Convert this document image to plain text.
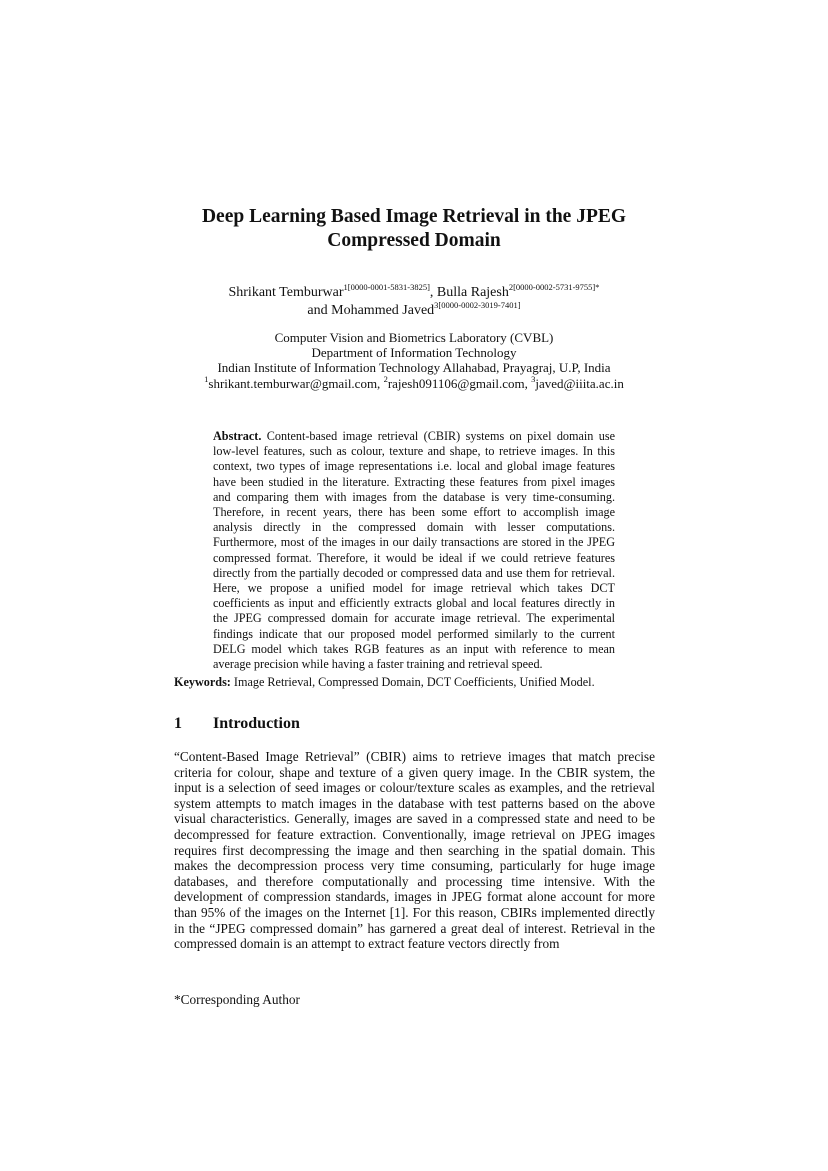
Deep Learning Based Image Retrieval in the JPEG Compressed Domain
Shrikant Temburwar$^{1[0000-0001-5831-3825]}$, Bulla Rajesh$^{2[0000-0002-5731-9755]*}$
and Mohammed Javed$^{3[0000-0002-3019-7401]}$
Computer Vision and Biometrics Laboratory (CVBL)
Department of Information Technology
Indian Institute of Information Technology Allahabad, Prayagraj, U.P, India
$^1$shrikant.temburwar@gmail.com, $^2$rajesh091106@gmail.com, $^3$javed@iiita.ac.in

Abstract. Content-based image retrieval (CBIR) systems on pixel domain use low-level features, such as colour, texture and shape, to retrieve images. In this context, two types of image representations i.e. local and global image features have been studied in the literature. Extracting these features from pixel images and comparing them with images from the database is very time-consuming. Therefore, in recent years, there has been some effort to accomplish image analysis directly in the compressed domain with lesser computations. Furthermore, most of the images in our daily transactions are stored in the JPEG compressed format. Therefore, it would be ideal if we could retrieve features directly from the partially decoded or compressed data and use them for retrieval. Here, we propose a unified model for image retrieval which takes DCT coefficients as input and efficiently extracts global and local features directly in the JPEG compressed domain for accurate image retrieval. The experimental findings indicate that our proposed model performed similarly to the current DELG model which takes RGB features as an input with reference to mean average precision while having a faster training and retrieval speed.

Keywords: Image Retrieval, Compressed Domain, DCT Coefficients, Unified Model.

1 Introduction

“Content-Based Image Retrieval” (CBIR) aims to retrieve images that match precise criteria for colour, shape and texture of a given query image. In the CBIR system, the input is a selection of seed images or colour/texture scales as examples, and the retrieval system attempts to match images in the database with test patterns based on the above visual characteristics. Generally, images are saved in a compressed state and need to be decompressed for feature extraction. Conventionally, image retrieval on JPEG images requires first decompressing the image and then searching in the spatial domain. This makes the decompression process very time consuming, particularly for huge image databases, and therefore computationally and processing time intensive. With the development of compression standards, images in JPEG format alone account for more than 95% of the images on the Internet [1]. For this reason, CBIRs implemented directly in the “JPEG compressed domain” has garnered a great deal of interest. Retrieval in the compressed domain is an attempt to extract feature vectors directly from

*Corresponding Author
